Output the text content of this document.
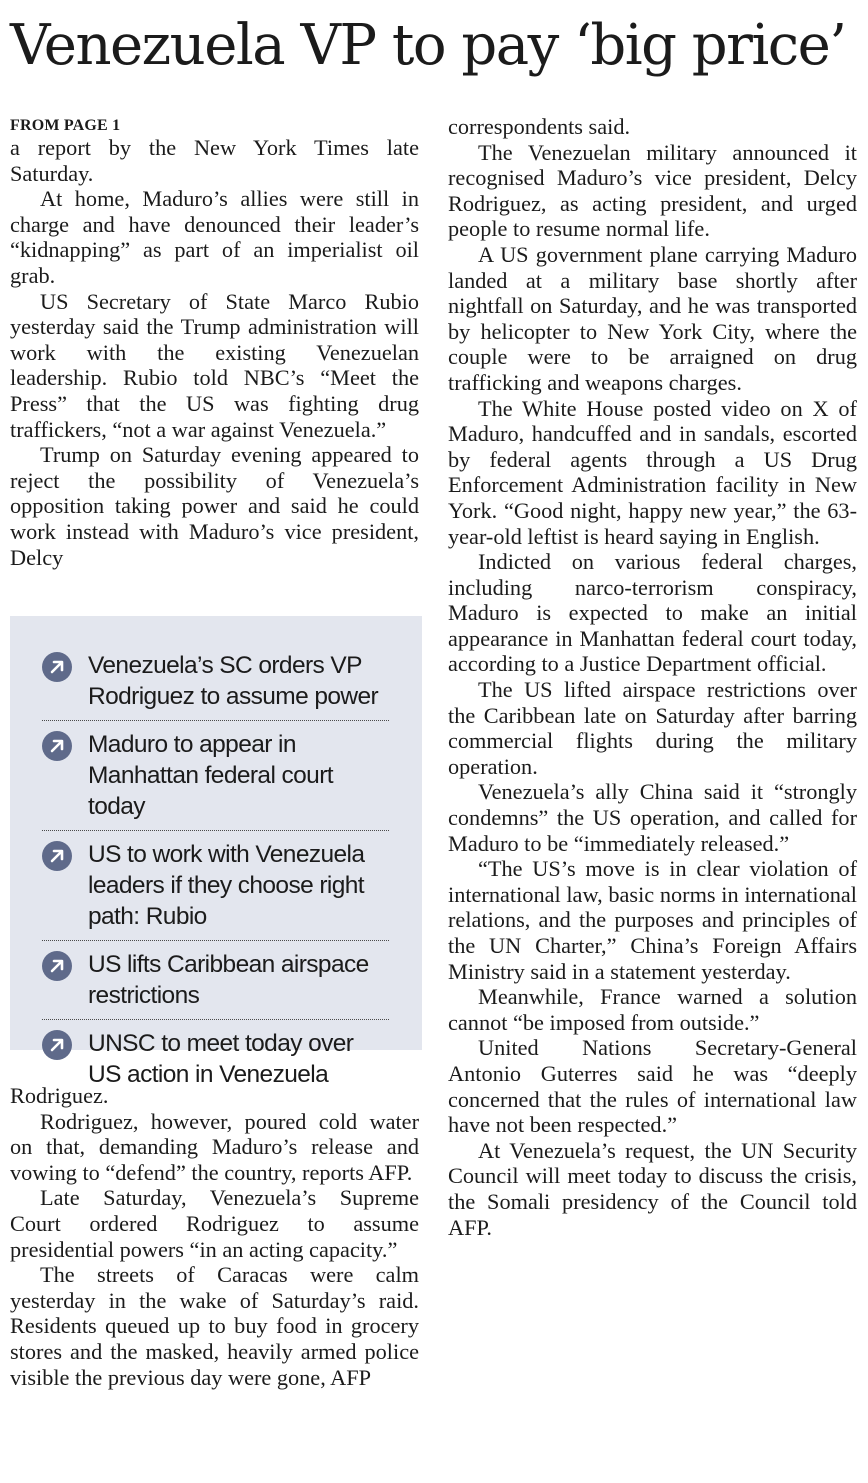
Venezuela VP to pay ‘big price’
FROM PAGE 1

a report by the New York Times late Saturday.

At home, Maduro’s allies were still in charge and have denounced their leader’s “kidnapping” as part of an imperialist oil grab.

US Secretary of State Marco Rubio yesterday said the Trump administration will work with the existing Venezuelan leadership. Rubio told NBC’s “Meet the Press” that the US was fighting drug traffickers, “not a war against Venezuela.”

Trump on Saturday evening appeared to reject the possibility of Venezuela’s opposition taking power and said he could work instead with Maduro’s vice president, Delcy

Venezuela’s SC orders VP Rodriguez to assume power
Maduro to appear in Manhattan federal court today
US to work with Venezuela leaders if they choose right path: Rubio
US lifts Caribbean airspace restrictions
UNSC to meet today over US action in Venezuela

Rodriguez.

Rodriguez, however, poured cold water on that, demanding Maduro’s release and vowing to “defend” the country, reports AFP.

Late Saturday, Venezuela’s Supreme Court ordered Rodriguez to assume presidential powers “in an acting capacity.”

The streets of Caracas were calm yesterday in the wake of Saturday’s raid. Residents queued up to buy food in grocery stores and the masked, heavily armed police visible the previous day were gone, AFP

correspondents said.

The Venezuelan military announced it recognised Maduro’s vice president, Delcy Rodriguez, as acting president, and urged people to resume normal life.

A US government plane carrying Maduro landed at a military base shortly after nightfall on Saturday, and he was transported by helicopter to New York City, where the couple were to be arraigned on drug trafficking and weapons charges.

The White House posted video on X of Maduro, handcuffed and in sandals, escorted by federal agents through a US Drug Enforcement Administration facility in New York. “Good night, happy new year,” the 63-year-old leftist is heard saying in English.

Indicted on various federal charges, including narco-terrorism conspiracy, Maduro is expected to make an initial appearance in Manhattan federal court today, according to a Justice Department official.

The US lifted airspace restrictions over the Caribbean late on Saturday after barring commercial flights during the military operation.

Venezuela’s ally China said it “strongly condemns” the US operation, and called for Maduro to be “immediately released.”

“The US’s move is in clear violation of international law, basic norms in international relations, and the purposes and principles of the UN Charter,” China’s Foreign Affairs Ministry said in a statement yesterday.

Meanwhile, France warned a solution cannot “be imposed from outside.”

United Nations Secretary-General Antonio Guterres said he was “deeply concerned that the rules of international law have not been respected.”

At Venezuela’s request, the UN Security Council will meet today to discuss the crisis, the Somali presidency of the Council told AFP.
